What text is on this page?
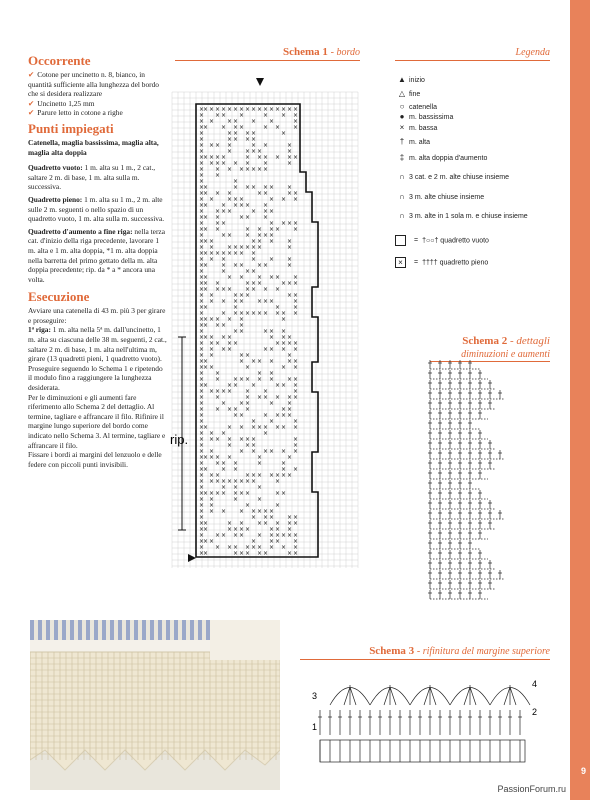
Occorrente

✔ Cotone per uncinetto n. 8, bianco, in quantità sufficiente alla lunghezza del bordo che si desidera realizzare

✔ Uncinetto 1,25 mm

✔ Parure letto in cotone a righe

Punti impiegati

Catenella, maglia bassissima, maglia alta, maglia alta doppia

Quadretto vuoto: 1 m. alta su 1 m., 2 cat., saltare 2 m. di base, 1 m. alta sulla m. successiva.

Quadretto pieno: 1 m. alta su 1 m., 2 m. alte sulle 2 m. seguenti o nello spazio di un quadretto vuoto, 1 m. alta sulla m. successiva.

Quadretto d'aumento a fine riga: nella terza cat. d'inizio della riga precedente, lavorare 1 m. alta e 1 m. alta doppia, *1 m. alta doppia nella barretta del primo gettato della m. alta doppia precedente; rip. da * a * ancora una volta.

Esecuzione

Avviare una catenella di 43 m. più 3 per girare e proseguire:

1ª riga: 1 m. alta nella 5ª m. dall'uncinetto, 1 m. alta su ciascuna delle 38 m. seguenti, 2 cat., saltare 2 m. di base, 1 m. alta nell'ultima m, girare (13 quadretti pieni, 1 quadretto vuoto).

Proseguire seguendo lo Schema 1 e ripetendo il modulo fino a raggiungere la lunghezza desiderata.

Per le diminuzioni e gli aumenti fare riferimento allo Schema 2 del dettaglio. Al termine, tagliare e affrancare il filo. Rifinire il margine lungo superiore del bordo come indicato nello Schema 3. Al termine, tagliare e affrancare il filo.

Fissare i bordi ai margini del lenzuolo e delle federe con piccoli punti invisibili.

Schema 1 - bordo
×
× × × × × × × × × × × × × × × ×
× × × ×	× × ×
× × × × × ×	×
×
× × × ×	× × ×
×	× × × ×	×
×	× × × ×
× × × ×	× ×	×
×	× × × ×	×
×
× × × ×	× × × × × ×
× × × × × × ×	×
× × × × × × × ×
× ×
×	×
×
×	× × × × × ×
×
× × ×	× ×	× ×
× × × × ×	× × ×
×
× × × × × ×
× × × ×	× × ×
×
× ×	× × ×
× × ×	× × × ×
×
× ×	× × × × ×
×	× × × × × ×
×
× ×	× × × ×
× × × × × × × ×	×
×
× × × × × × × ×
× × ×	× × ×
×
× × × × × ×	×
×	×	× ×
×
×	× × × × × ×
×
× ×	× × ×	× × ×
×
× × × × × × × ×
× ×	× × ×	× ×
× × × × × × × ×	×
×
×	×	× ×
×	× × × × × × × × × ×
×
× × × × ×	×
×
× × × ×
×	× ×	× × ×
×
× × × ×	× × ×
× × × × ×	× × × ×
× × × ×	× × × ×
× ×	× ×	×
×
×	× × × × × ×
×
× ×	×	× ×
× ×	× ×
× × × × × × × × ×
×
×	× × ×	× × ×
× × × × × × ×	×
× ×	× × × × × ×
×	× × ×	× ×
× × × × ×	× ×
×	× ×	× × × ×
×	× ×	×
×
×	× × × × × × × ×
× × ×	×
× × × × × × ×	×
×	× × ×	×
× ×	× × × × × ×
×
× × × ×	×	×
× × × ×	×	×
×
× × ×	× ×
× × ×	× × × × × × ×
× × × × × × × × ×	×
×	× ×	×
×
× × × × × × ×	× ×
× ×	×	×
× ×	×	×
× × × × × × × ×
×	× × × × ×
×
×	× × × × × × ×
×
×	× × × ×	× × ×
× × × × × × × × × × ×
×
× ×	× × × ×
× × × × × × × × × ×
×
×	× × × × ×	× ×
rip.
Legenda
▲ inizio
△ fine
○ catenella
● m. bassissima
× m. bassa
† m. alta
‡ m. alta doppia d'aumento
∩ 3 cat. e 2 m. alte chiuse insieme
∩ 3 m. alte chiuse insieme
∩ 3 m. alte in 1 sola m. e chiuse insieme
= †○○† quadretto vuoto
× = †††† quadretto pieno
Schema 2 - dettagli
diminuzioni e aumenti
Schema 3 - rifinitura del margine superiore
3
1
2
4
9
PassionForum.ru
